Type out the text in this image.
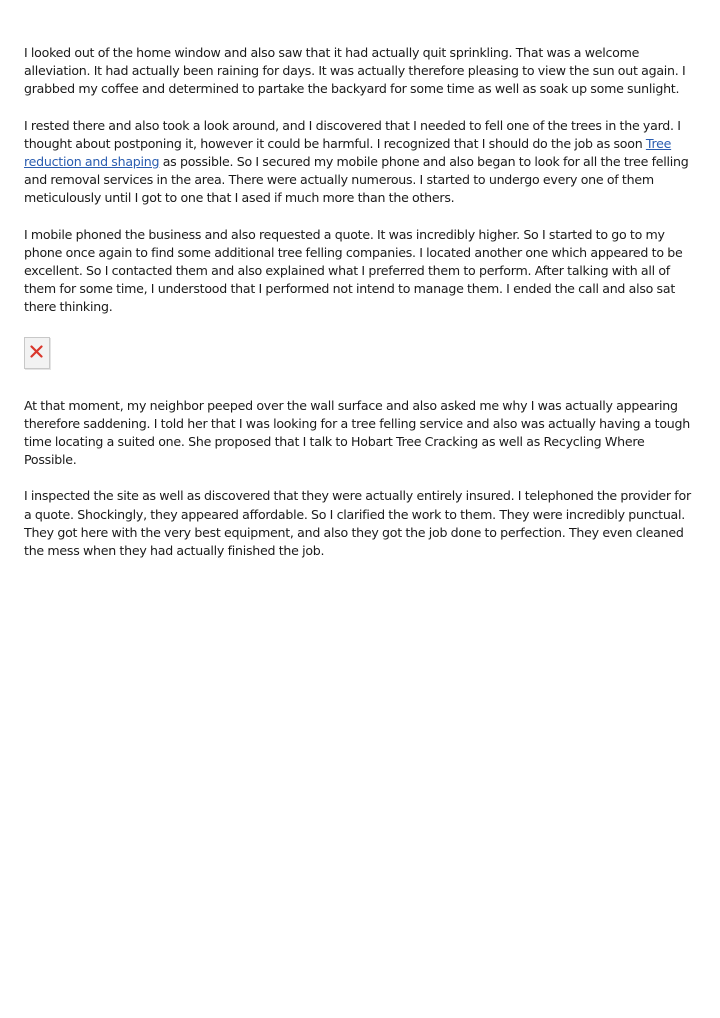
I looked out of the home window and also saw that it had actually quit sprinkling. That was a welcome alleviation. It had actually been raining for days. It was actually therefore pleasing to view the sun out again. I grabbed my coffee and determined to partake the backyard for some time as well as soak up some sunlight.

I rested there and also took a look around, and I discovered that I needed to fell one of the trees in the yard. I thought about postponing it, however it could be harmful. I recognized that I should do the job as soon Tree reduction and shaping as possible. So I secured my mobile phone and also began to look for all the tree felling and removal services in the area. There were actually numerous. I started to undergo every one of them meticulously until I got to one that I ased if much more than the others.

I mobile phoned the business and also requested a quote. It was incredibly higher. So I started to go to my phone once again to find some additional tree felling companies. I located another one which appeared to be excellent. So I contacted them and also explained what I preferred them to perform. After talking with all of them for some time, I understood that I performed not intend to manage them. I ended the call and also sat there thinking.

At that moment, my neighbor peeped over the wall surface and also asked me why I was actually appearing therefore saddening. I told her that I was looking for a tree felling service and also was actually having a tough time locating a suited one. She proposed that I talk to Hobart Tree Cracking as well as Recycling Where Possible.

I inspected the site as well as discovered that they were actually entirely insured. I telephoned the provider for a quote. Shockingly, they appeared affordable. So I clarified the work to them. They were incredibly punctual. They got here with the very best equipment, and also they got the job done to perfection. They even cleaned the mess when they had actually finished the job.
